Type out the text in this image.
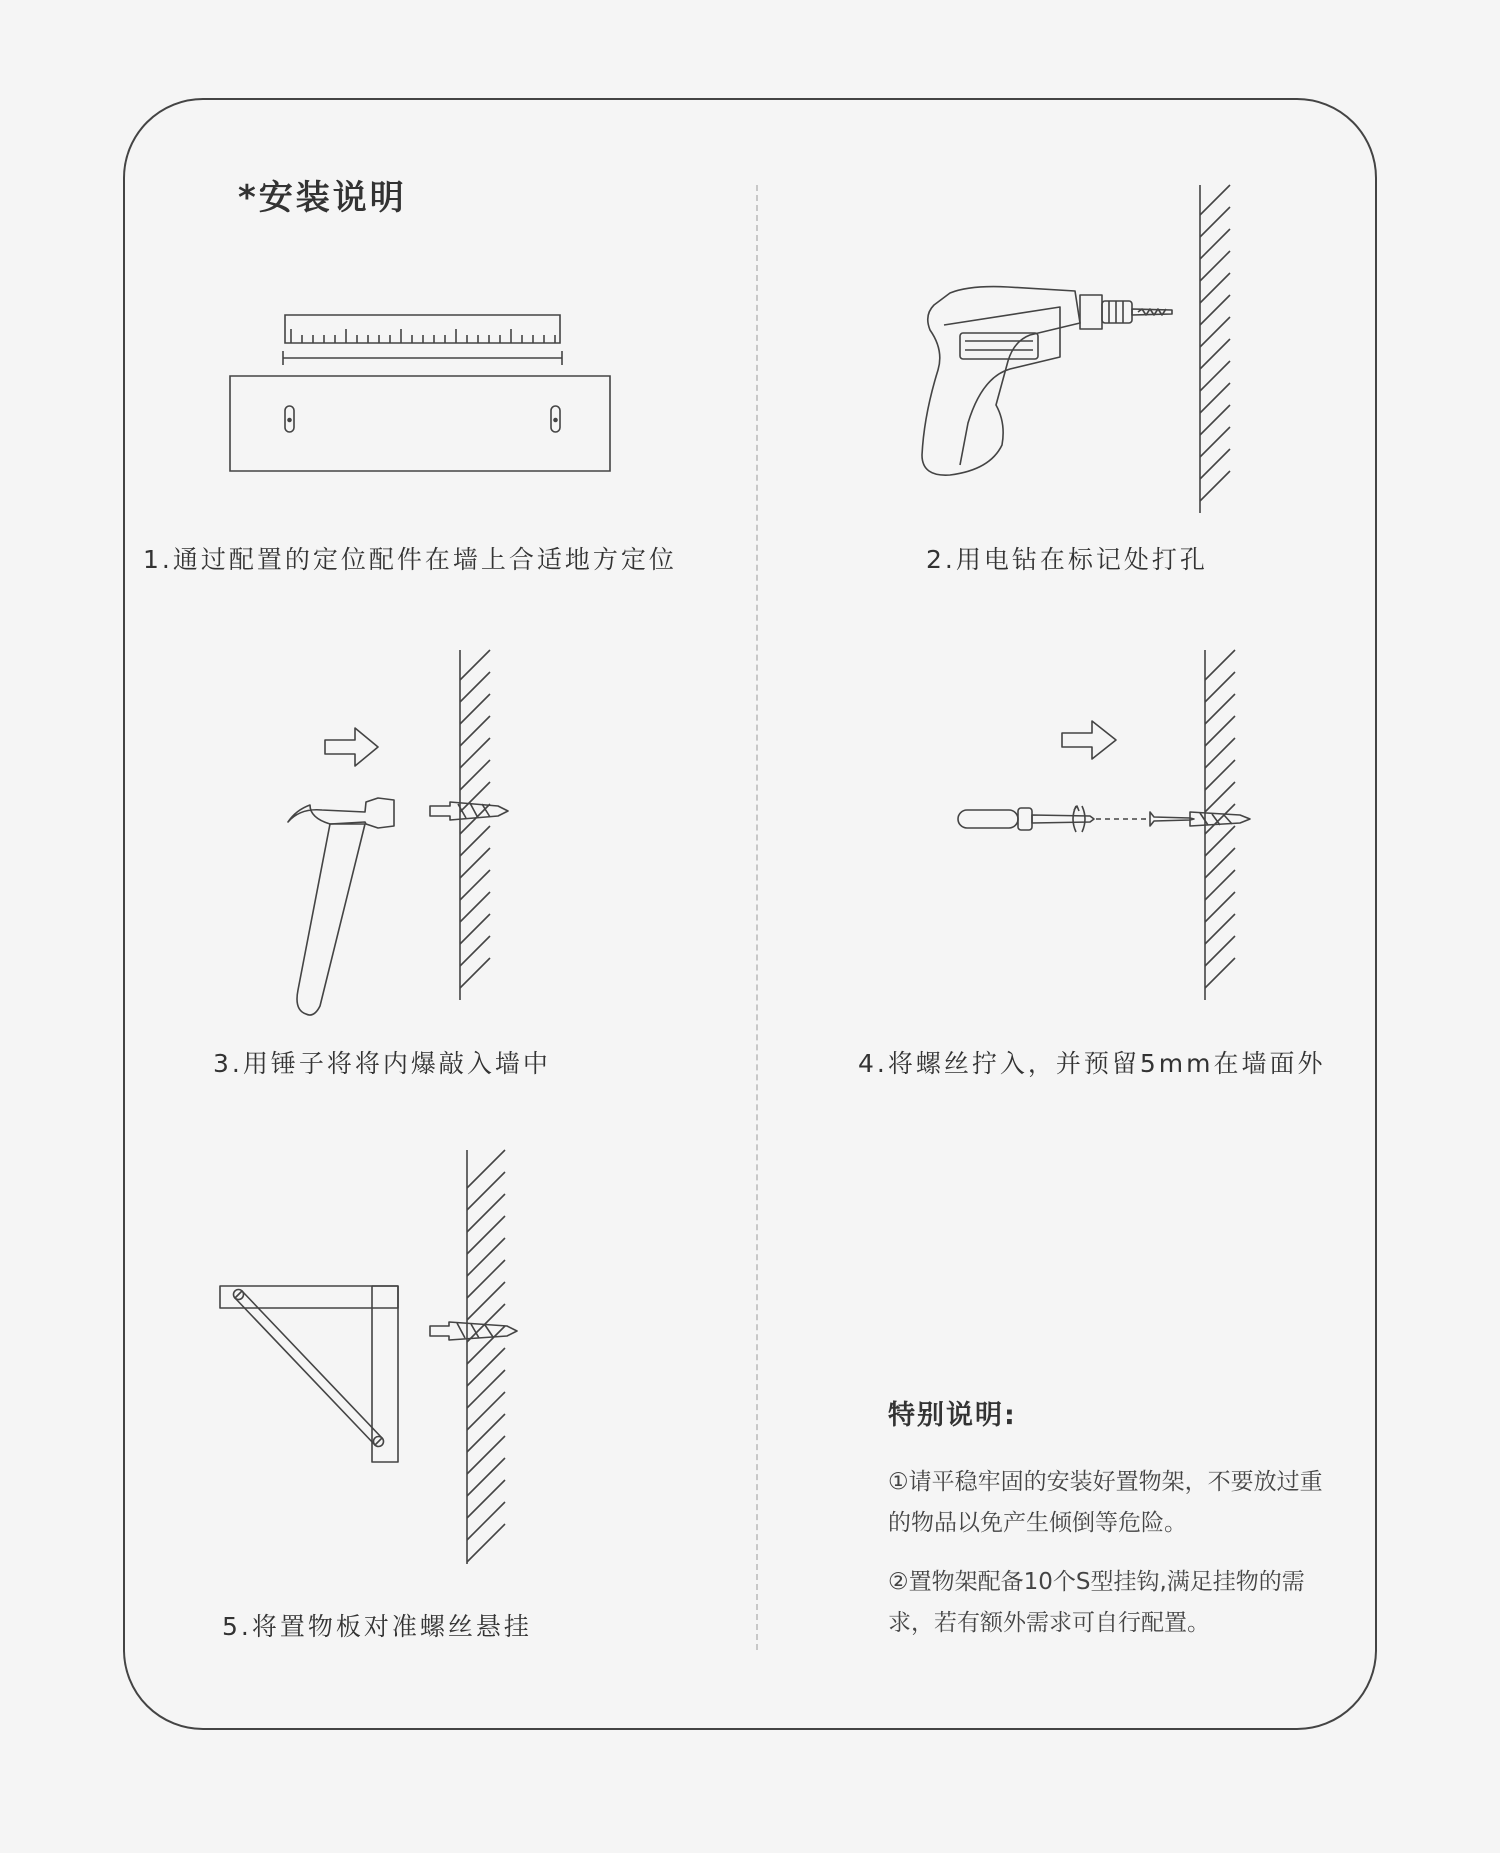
*安装说明
1.通过配置的定位配件在墙上合适地方定位	2.用电钻在标记处打孔
3.用锤子将将内爆敲入墙中	4.将螺丝拧入，并预留5mm在墙面外
5.将置物板对准螺丝悬挂
特别说明:
①请平稳牢固的安装好置物架，不要放过重的物品以免产生倾倒等危险。
②置物架配备10个S型挂钩,满足挂物的需求，若有额外需求可自行配置。
